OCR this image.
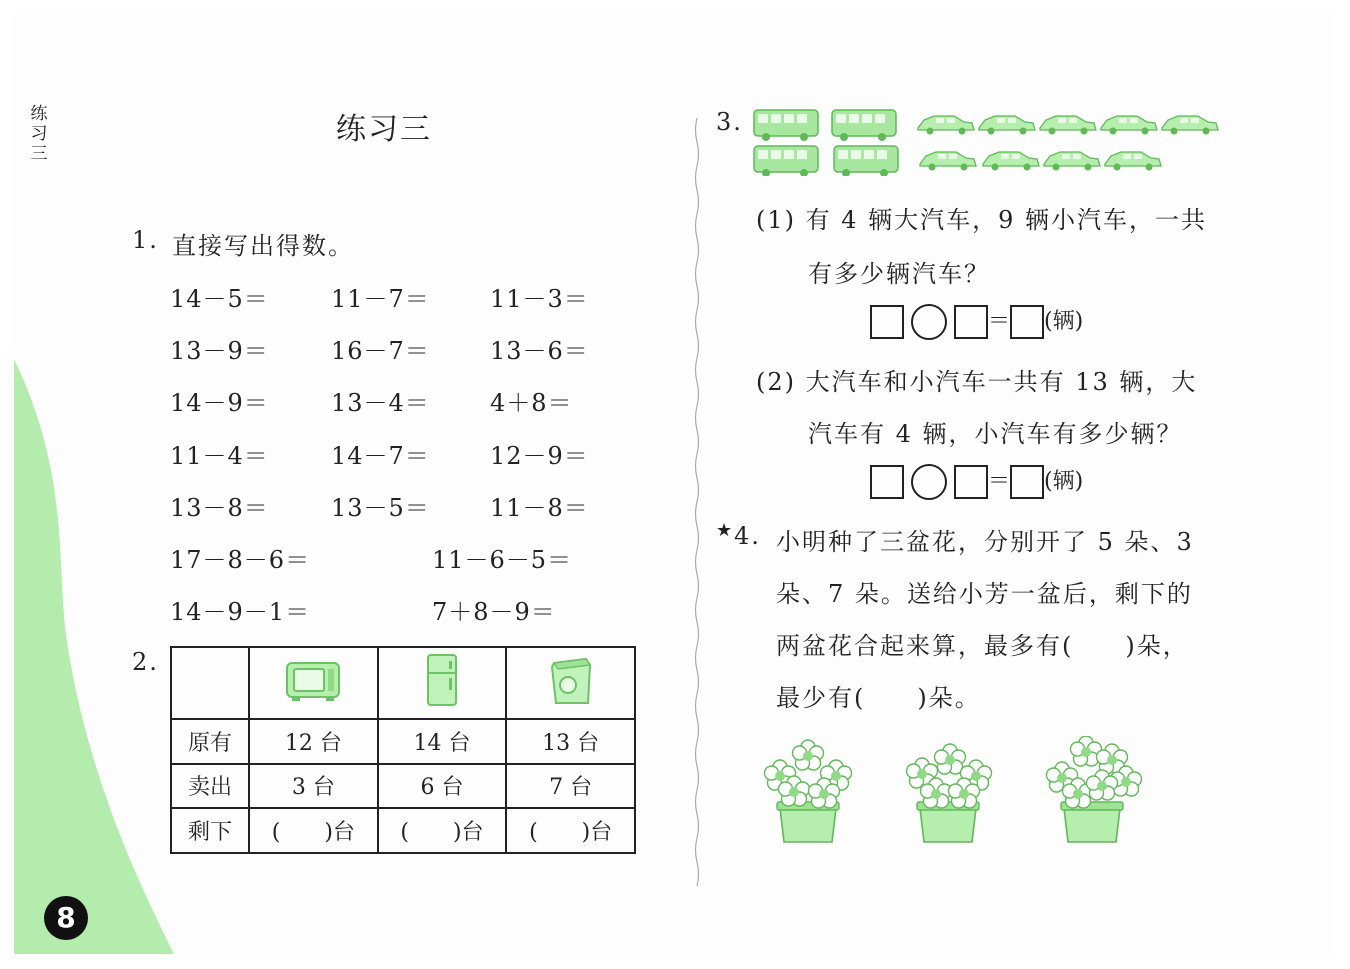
练
习
三
练习三
1. 直接写出得数。
14－5＝	11－7＝	11－3＝
13－9＝	16－7＝	13－6＝
14－9＝	13－4＝	4＋8＝
11－4＝	14－7＝	12－9＝
13－8＝	13－5＝	11－8＝
17－8－6＝	11－6－5＝
14－9－1＝	7＋8－9＝
2.

原有	12 台	14 台	13 台
卖出	3 台	6 台	7 台
剩下	(　　)台	(　　)台	(　　)台
3.
(1) 有 4 辆大汽车，9 辆小汽车，一共
有多少辆汽车？
＝ (辆)
(2) 大汽车和小汽车一共有 13 辆，大
汽车有 4 辆，小汽车有多少辆？
＝ (辆)
★ 4. 小明种了三盆花，分别开了 5 朵、3
朵、7 朵。送给小芳一盆后，剩下的
两盆花合起来算，最多有(　　)朵，
最少有(　　)朵。
8
